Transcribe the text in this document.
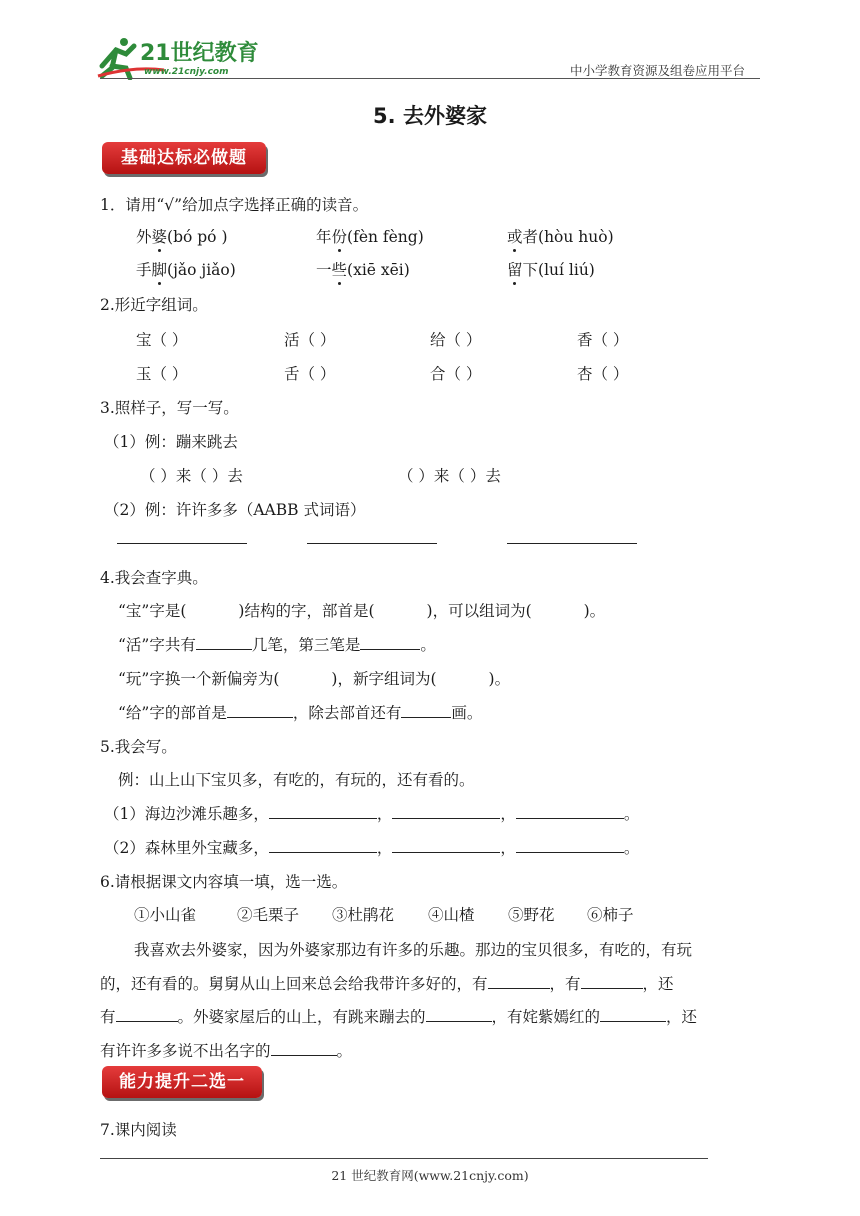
21世纪教育
www.21cnjy.com	中小学教育资源及组卷应用平台
5. 去外婆家
基础达标必做题
1．请用“√”给加点字选择正确的读音。
外婆(bó pó )	年份(fèn fèng)	或者(hòu huò)
手脚(jǎo jiǎo)	一些(xiē xēi)	留下(luí liú)
2.形近字组词。
宝（ ）	活（ ）	给（ ）	香（ ）
玉（ ）	舌（ ）	合（ ）	杏（ ）
3.照样子，写一写。
（1）例：蹦来跳去
（ ）来（ ）去	（ ）来（ ）去
（2）例：许许多多（AABB 式词语）
4.我会查字典。
“宝”字是(	)结构的字，部首是(	)，可以组词为(	)。
“活”字共有	几笔，第三笔是	。
“玩”字换一个新偏旁为(	)，新字组词为(	)。
“给”字的部首是	，除去部首还有	画。
5.我会写。
例：山上山下宝贝多，有吃的，有玩的，还有看的。
（1）海边沙滩乐趣多，	，	，	。
（2）森林里外宝藏多，	，	，	。
6.请根据课文内容填一填，选一选。
①小山雀	②毛栗子 ③杜鹃花 ④山楂 ⑤野花 ⑥柿子
我喜欢去外婆家，因为外婆家那边有许多的乐趣。那边的宝贝很多，有吃的，有玩
的，还有看的。舅舅从山上回来总会给我带许多好的，有	，有	，还
有	。外婆家屋后的山上，有跳来蹦去的	，有姹紫嫣红的	，还
有许许多多说不出名字的	。
能力提升二选一
7.课内阅读
21 世纪教育网(www.21cnjy.com)
